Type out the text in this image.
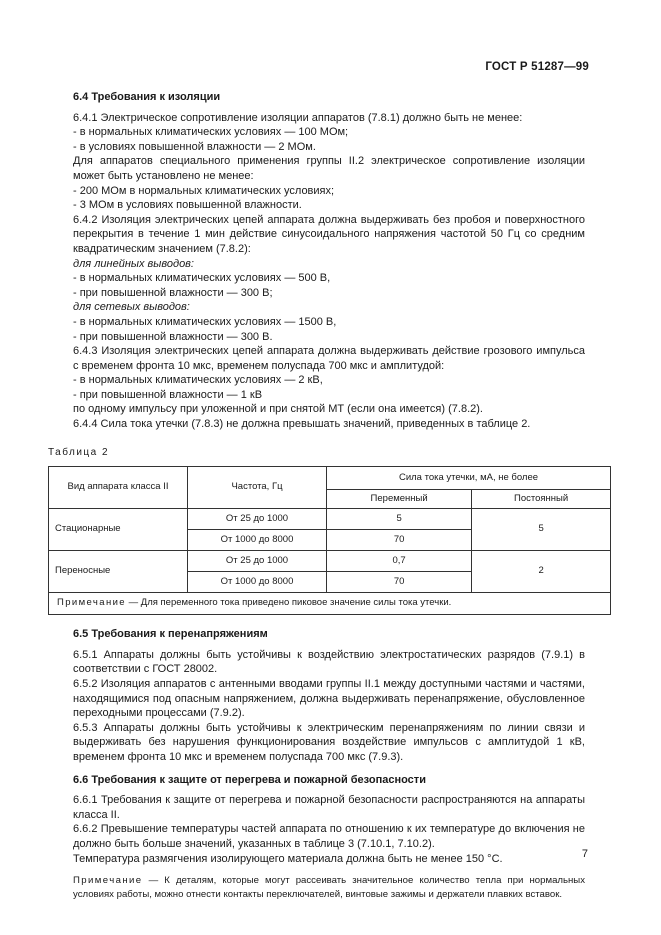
ГОСТ Р 51287—99
6.4 Требования к изоляции

6.4.1 Электрическое сопротивление изоляции аппаратов (7.8.1) должно быть не менее:

- в нормальных климатических условиях — 100 МОм;

- в условиях повышенной влажности — 2 МОм.

Для аппаратов специального применения группы II.2 электрическое сопротивление изоляции может быть установлено не менее:

- 200 МОм в нормальных климатических условиях;

- 3 МОм в условиях повышенной влажности.

6.4.2 Изоляция электрических цепей аппарата должна выдерживать без пробоя и поверхностного перекрытия в течение 1 мин действие синусоидального напряжения частотой 50 Гц со средним квадратическим значением (7.8.2):

для линейных выводов:

- в нормальных климатических условиях — 500 В,

- при повышенной влажности — 300 В;

для сетевых выводов:

- в нормальных климатических условиях — 1500 В,

- при повышенной влажности — 300 В.

6.4.3 Изоляция электрических цепей аппарата должна выдерживать действие грозового импульса с временем фронта 10 мкс, временем полуспада 700 мкс и амплитудой:

- в нормальных климатических условиях — 2 кВ,

- при повышенной влажности — 1 кВ

по одному импульсу при уложенной и при снятой МТ (если она имеется) (7.8.2).

6.4.4 Сила тока утечки (7.8.3) не должна превышать значений, приведенных в таблице 2.

Таблица 2
Вид аппарата класса II	Частота, Гц	Сила тока утечки, мА, не более	
		Переменный	Постоянный
Стационарные	От 25 до 1000	5	5
	От 1000 до 8000	70	
Переносные	От 25 до 1000	0,7	2
	От 1000 до 8000	70	
Примечание — Для переменного тока приведено пиковое значение силы тока утечки.			
6.5 Требования к перенапряжениям

6.5.1 Аппараты должны быть устойчивы к воздействию электростатических разрядов (7.9.1) в соответствии с ГОСТ 28002.

6.5.2 Изоляция аппаратов с антенными вводами группы II.1 между доступными частями и частями, находящимися под опасным напряжением, должна выдерживать перенапряжение, обусловленное переходными процессами (7.9.2).

6.5.3 Аппараты должны быть устойчивы к электрическим перенапряжениям по линии связи и выдерживать без нарушения функционирования воздействие импульсов с амплитудой 1 кВ, временем фронта 10 мкс и временем полуспада 700 мкс (7.9.3).

6.6 Требования к защите от перегрева и пожарной безопасности

6.6.1 Требования к защите от перегрева и пожарной безопасности распространяются на аппараты класса II.

6.6.2 Превышение температуры частей аппарата по отношению к их температуре до включения не должно быть больше значений, указанных в таблице 3 (7.10.1, 7.10.2).

Температура размягчения изолирующего материала должна быть не менее 150 °С.

Примечание — К деталям, которые могут рассеивать значительное количество тепла при нормальных условиях работы, можно отнести контакты переключателей, винтовые зажимы и держатели плавких вставок.

7
